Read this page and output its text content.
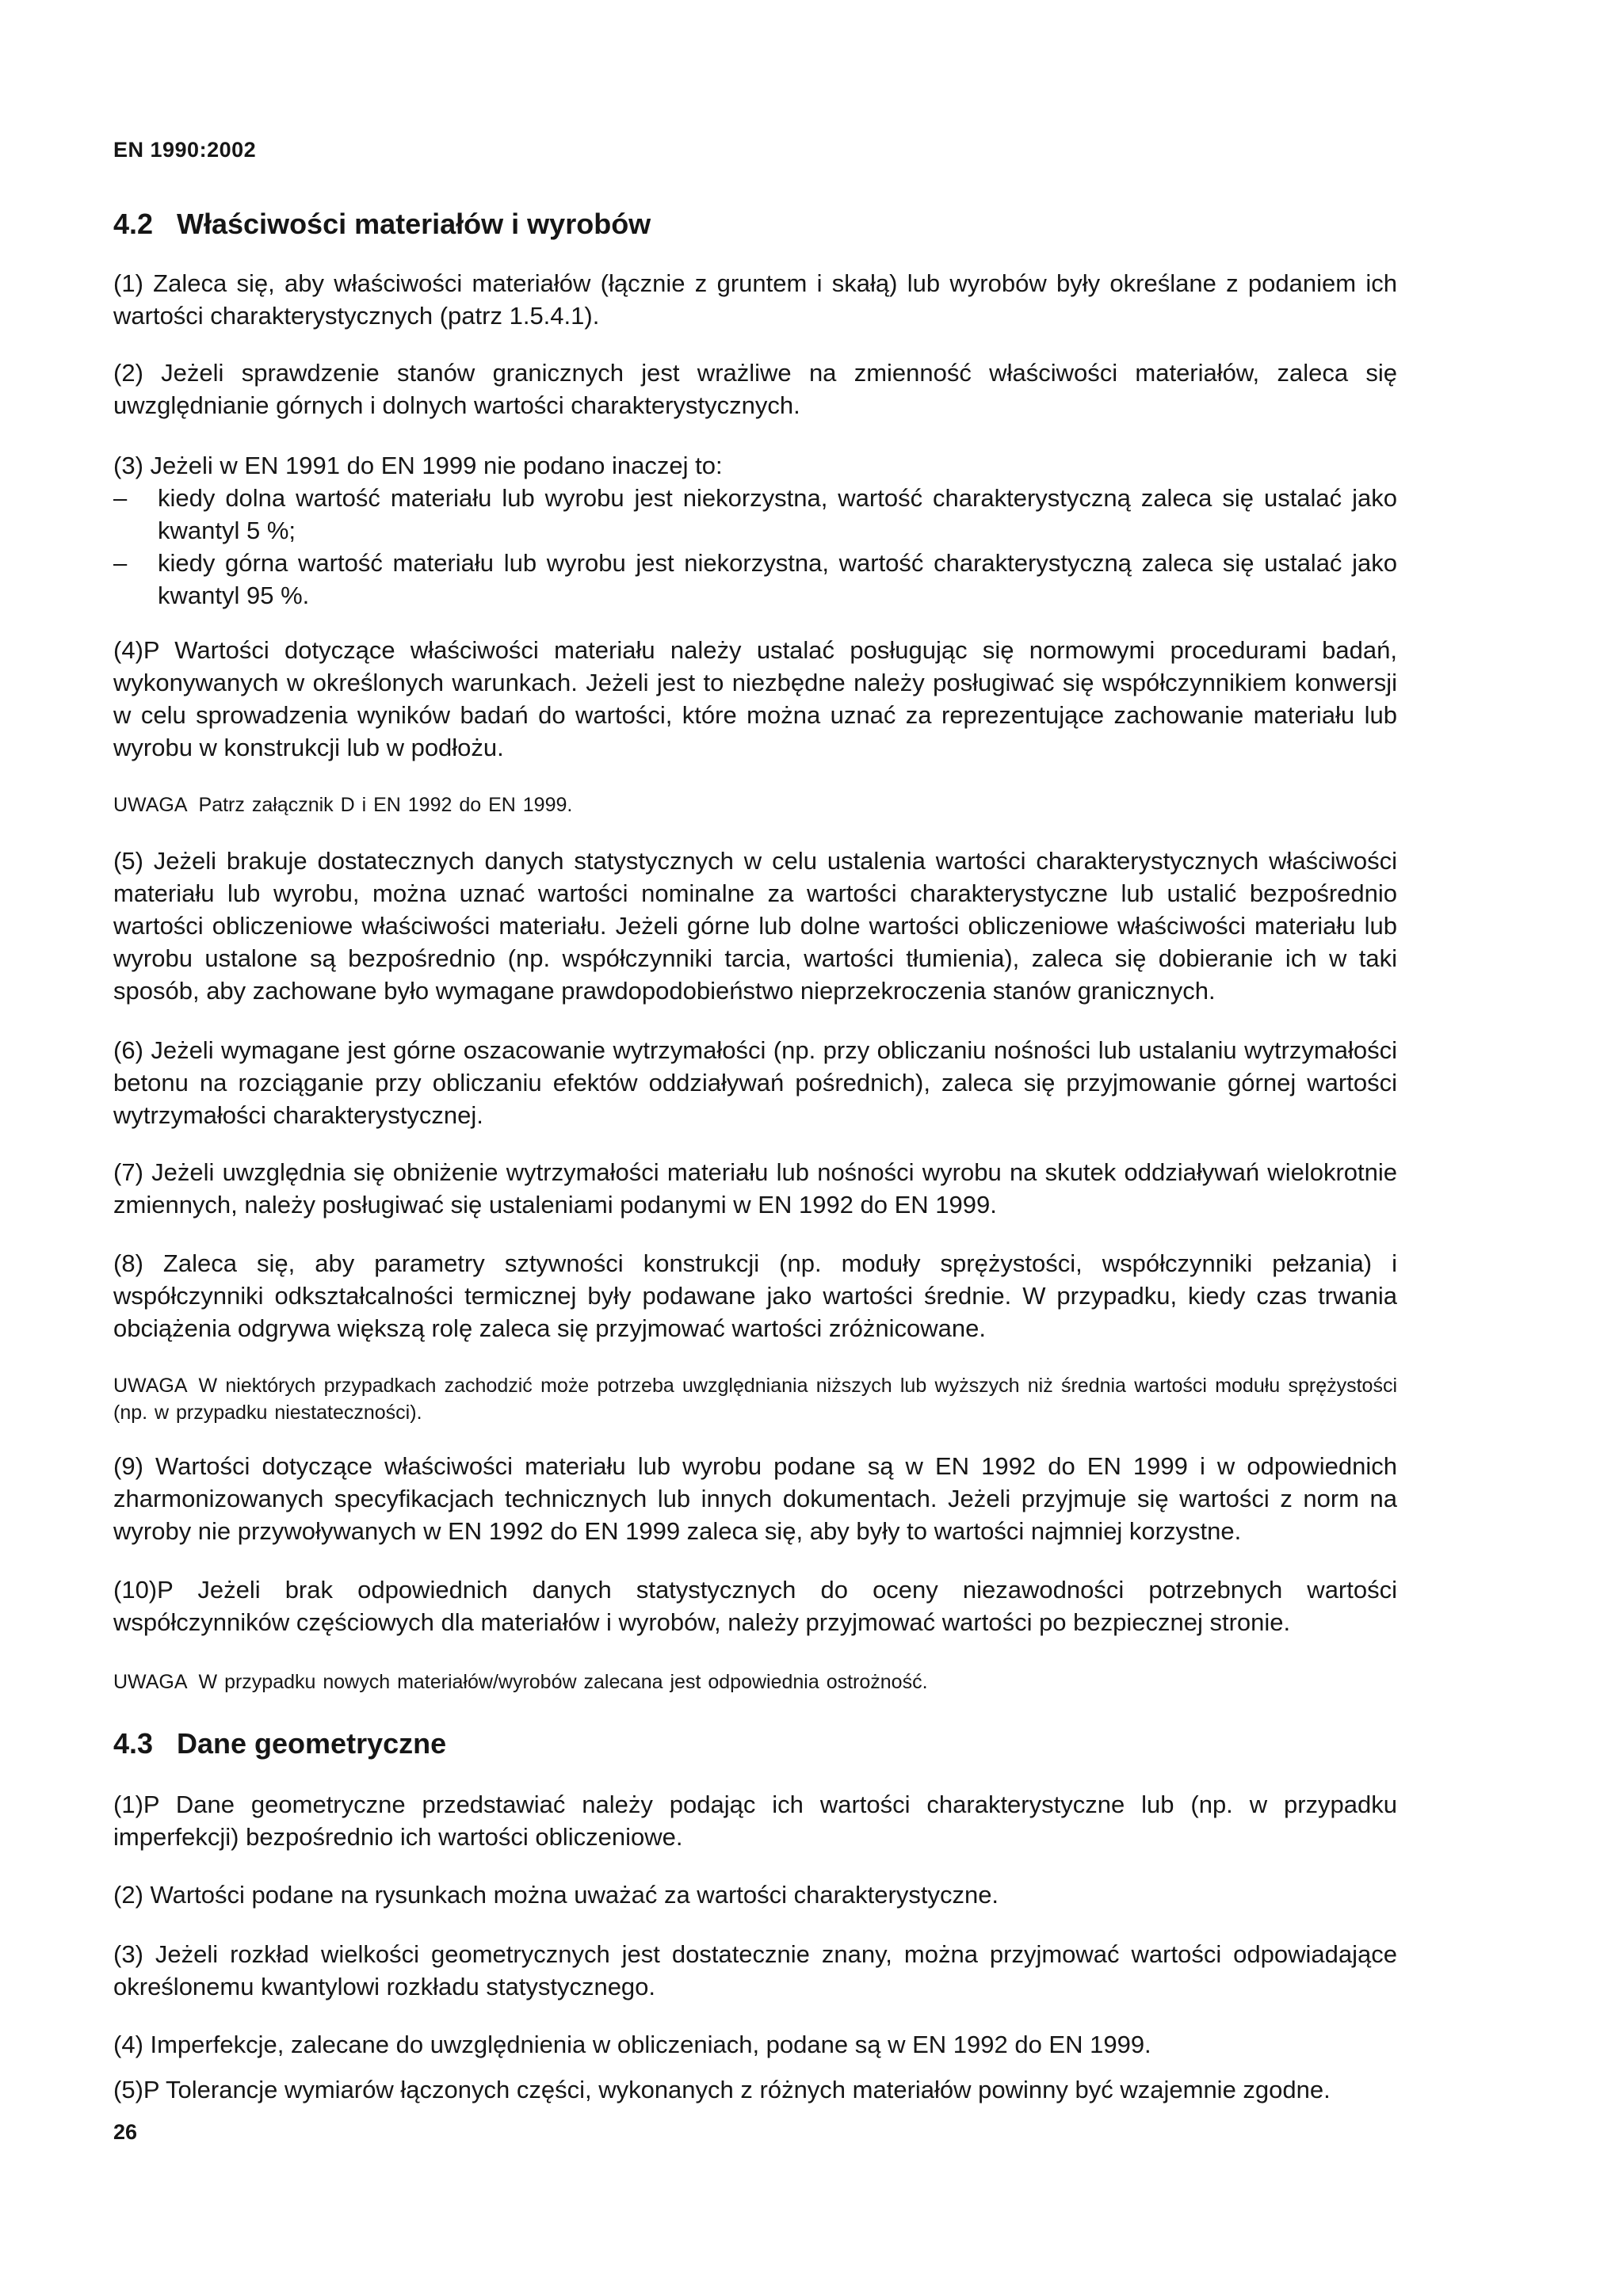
EN 1990:2002
4.2 Właściwości materiałów i wyrobów

(1) Zaleca się, aby właściwości materiałów (łącznie z gruntem i skałą) lub wyrobów były określane z podaniem ich wartości charakterystycznych (patrz 1.5.4.1).

(2) Jeżeli sprawdzenie stanów granicznych jest wrażliwe na zmienność właściwości materiałów, zaleca się uwzględnianie górnych i dolnych wartości charakterystycznych.

(3) Jeżeli w EN 1991 do EN 1999 nie podano inaczej to:
– kiedy dolna wartość materiału lub wyrobu jest niekorzystna, wartość charakterystyczną zaleca się ustalać jako kwantyl 5 %;
– kiedy górna wartość materiału lub wyrobu jest niekorzystna, wartość charakterystyczną zaleca się ustalać jako kwantyl 95 %.

(4)P Wartości dotyczące właściwości materiału należy ustalać posługując się normowymi procedurami badań, wykonywanych w określonych warunkach. Jeżeli jest to niezbędne należy posługiwać się współczynnikiem konwersji w celu sprowadzenia wyników badań do wartości, które można uznać za reprezentujące zachowanie materiału lub wyrobu w konstrukcji lub w podłożu.

UWAGA Patrz załącznik D i EN 1992 do EN 1999.

(5) Jeżeli brakuje dostatecznych danych statystycznych w celu ustalenia wartości charakterystycznych właściwości materiału lub wyrobu, można uznać wartości nominalne za wartości charakterystyczne lub ustalić bezpośrednio wartości obliczeniowe właściwości materiału. Jeżeli górne lub dolne wartości obliczeniowe właściwości materiału lub wyrobu ustalone są bezpośrednio (np. współczynniki tarcia, wartości tłumienia), zaleca się dobieranie ich w taki sposób, aby zachowane było wymagane prawdopodobieństwo nieprzekroczenia stanów granicznych.

(6) Jeżeli wymagane jest górne oszacowanie wytrzymałości (np. przy obliczaniu nośności lub ustalaniu wytrzymałości betonu na rozciąganie przy obliczaniu efektów oddziaływań pośrednich), zaleca się przyjmowanie górnej wartości wytrzymałości charakterystycznej.

(7) Jeżeli uwzględnia się obniżenie wytrzymałości materiału lub nośności wyrobu na skutek oddziaływań wielokrotnie zmiennych, należy posługiwać się ustaleniami podanymi w EN 1992 do EN 1999.

(8) Zaleca się, aby parametry sztywności konstrukcji (np. moduły sprężystości, współczynniki pełzania) i współczynniki odkształcalności termicznej były podawane jako wartości średnie. W przypadku, kiedy czas trwania obciążenia odgrywa większą rolę zaleca się przyjmować wartości zróżnicowane.

UWAGA W niektórych przypadkach zachodzić może potrzeba uwzględniania niższych lub wyższych niż średnia wartości modułu sprężystości (np. w przypadku niestateczności).

(9) Wartości dotyczące właściwości materiału lub wyrobu podane są w EN 1992 do EN 1999 i w odpowiednich zharmonizowanych specyfikacjach technicznych lub innych dokumentach. Jeżeli przyjmuje się wartości z norm na wyroby nie przywoływanych w EN 1992 do EN 1999 zaleca się, aby były to wartości najmniej korzystne.

(10)P Jeżeli brak odpowiednich danych statystycznych do oceny niezawodności potrzebnych wartości współczynników częściowych dla materiałów i wyrobów, należy przyjmować wartości po bezpiecznej stronie.

UWAGA W przypadku nowych materiałów/wyrobów zalecana jest odpowiednia ostrożność.

4.3 Dane geometryczne

(1)P Dane geometryczne przedstawiać należy podając ich wartości charakterystyczne lub (np. w przypadku imperfekcji) bezpośrednio ich wartości obliczeniowe.

(2) Wartości podane na rysunkach można uważać za wartości charakterystyczne.

(3) Jeżeli rozkład wielkości geometrycznych jest dostatecznie znany, można przyjmować wartości odpowiadające określonemu kwantylowi rozkładu statystycznego.

(4) Imperfekcje, zalecane do uwzględnienia w obliczeniach, podane są w EN 1992 do EN 1999.

(5)P Tolerancje wymiarów łączonych części, wykonanych z różnych materiałów powinny być wzajemnie zgodne.

26
